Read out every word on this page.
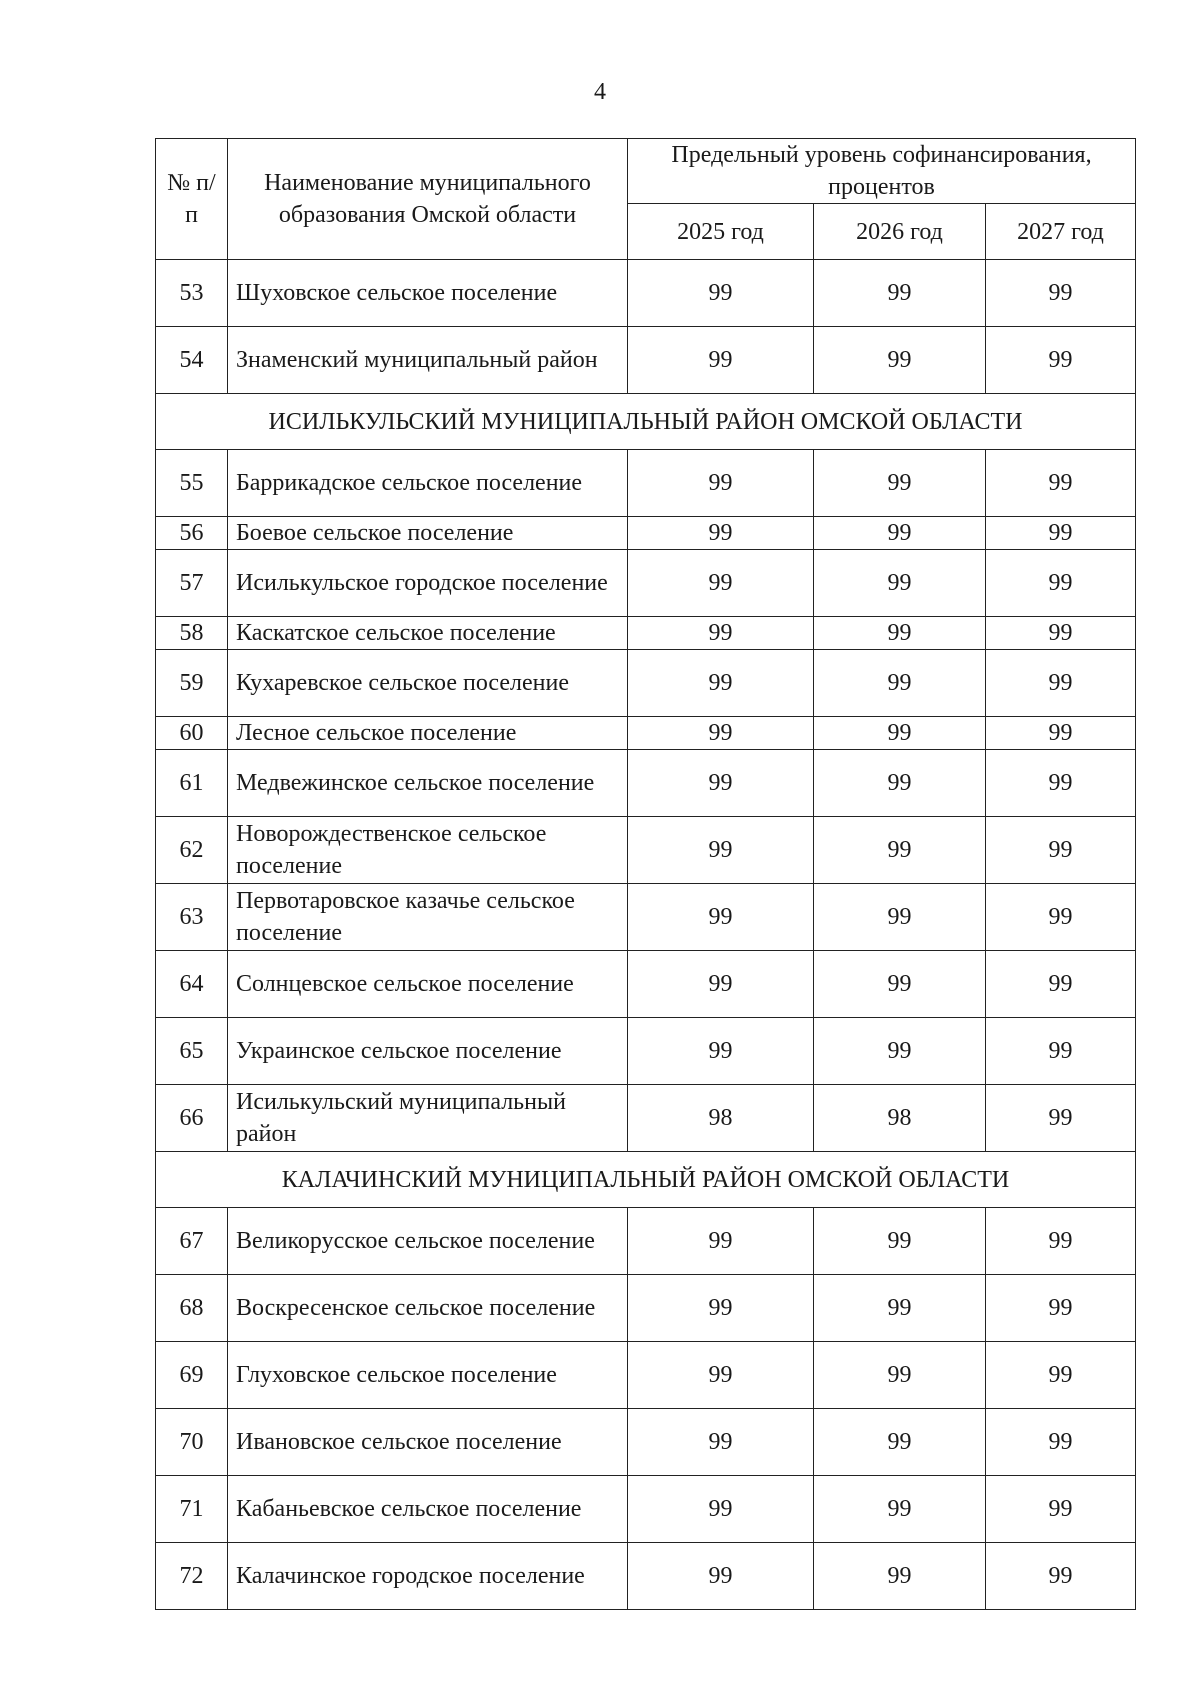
4
№ п/п	Наименование муниципального образования Омской области	Предельный уровень софинансирования, процентов		
		2025 год	2026 год	2027 год
53	Шуховское сельское поселение	99	99	99
54	Знаменский муниципальный район	99	99	99
ИСИЛЬКУЛЬСКИЙ МУНИЦИПАЛЬНЫЙ РАЙОН ОМСКОЙ ОБЛАСТИ				
55	Баррикадское сельское поселение	99	99	99
56	Боевое сельское поселение	99	99	99
57	Исилькульское городское поселение	99	99	99
58	Каскатское сельское поселение	99	99	99
59	Кухаревское сельское поселение	99	99	99
60	Лесное сельское поселение	99	99	99
61	Медвежинское сельское поселение	99	99	99
62	Новорождественское сельское поселение	99	99	99
63	Первотаровское казачье сельское поселение	99	99	99
64	Солнцевское сельское поселение	99	99	99
65	Украинское сельское поселение	99	99	99
66	Исилькульский муниципальный район	98	98	99
КАЛАЧИНСКИЙ МУНИЦИПАЛЬНЫЙ РАЙОН ОМСКОЙ ОБЛАСТИ				
67	Великорусское сельское поселение	99	99	99
68	Воскресенское сельское поселение	99	99	99
69	Глуховское сельское поселение	99	99	99
70	Ивановское сельское поселение	99	99	99
71	Кабаньевское сельское поселение	99	99	99
72	Калачинское городское поселение	99	99	99
